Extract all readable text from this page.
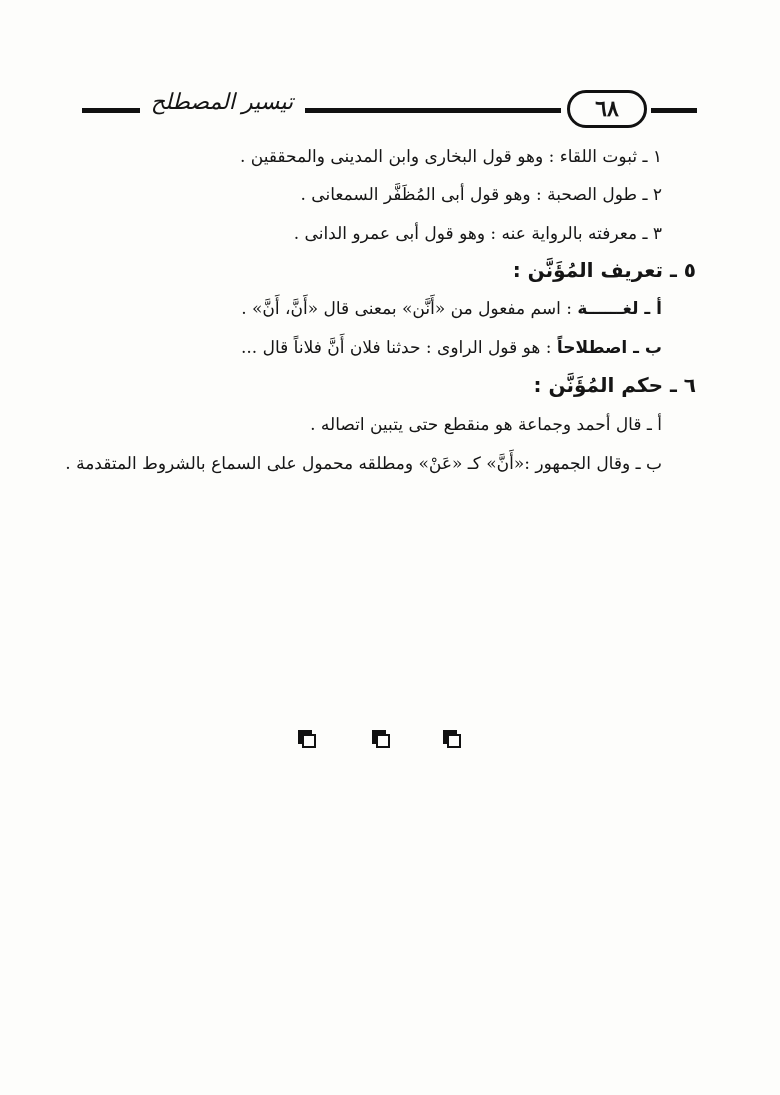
٦٨
تيسير المصطلح
١ ـ ثبوت اللقاء : وهو قول البخارى وابن المدينى والمحققين .
٢ ـ طول الصحبة : وهو قول أبى المُظَفَّر السمعانى .
٣ ـ معرفته بالرواية عنه : وهو قول أبى عمرو الدانى .
٥ ـ تعريف المُؤَنَّن :
أ ـ لغــــــة : اسم مفعول من «أَنَّن» بمعنى قال «أَنَّ، أَنَّ» .
ب ـ اصطلاحاً : هو قول الراوى : حدثنا فلان أَنَّ فلاناً قال ...
٦ ـ حكم المُؤَنَّن :
أ ـ قال أحمد وجماعة هو منقطع حتى يتبين اتصاله .
ب ـ وقال الجمهور :«أَنَّ» كـ «عَنْ» ومطلقه محمول على السماع بالشروط المتقدمة .
